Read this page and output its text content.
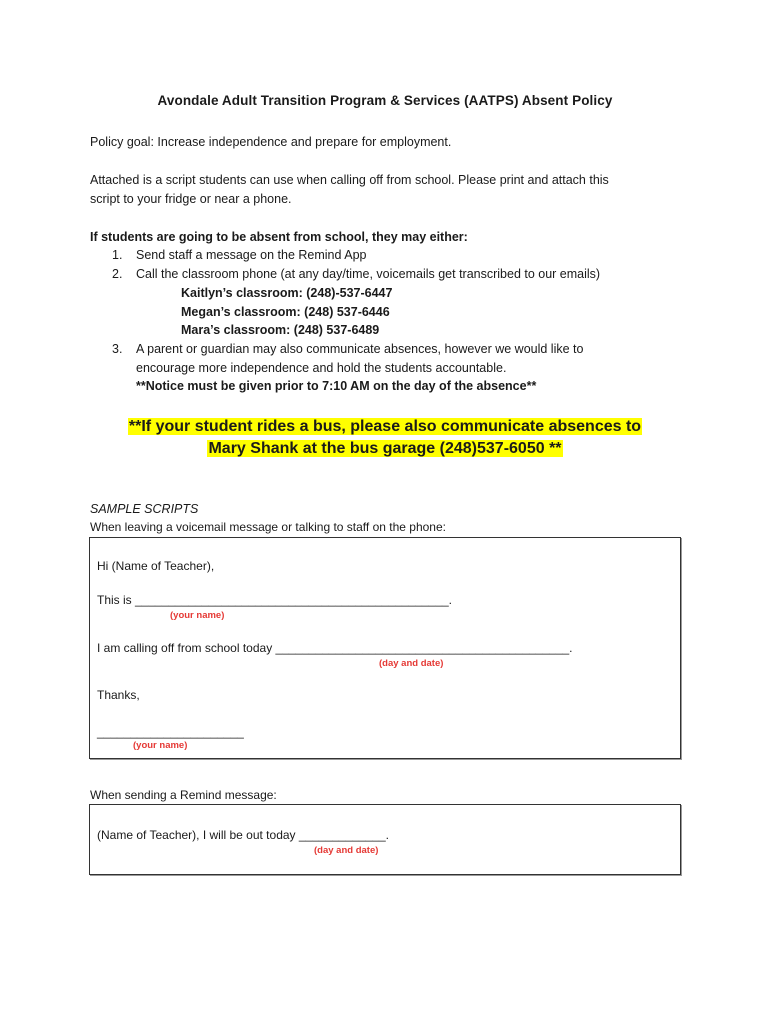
Avondale Adult Transition Program & Services (AATPS) Absent Policy
Policy goal: Increase independence and prepare for employment.
Attached is a script students can use when calling off from school. Please print and attach this
script to your fridge or near a phone.
If students are going to be absent from school, they may either:
1. Send staff a message on the Remind App
2. Call the classroom phone (at any day/time, voicemails get transcribed to our emails)
Kaitlyn’s classroom: (248)-537-6447
Megan’s classroom: (248) 537-6446
Mara’s classroom: (248) 537-6489
3. A parent or guardian may also communicate absences, however we would like to
encourage more independence and hold the students accountable.
**Notice must be given prior to 7:10 AM on the day of the absence**
**If your student rides a bus, please also communicate absences to
Mary Shank at the bus garage (248)537-6050 **
SAMPLE SCRIPTS
When leaving a voicemail message or talking to staff on the phone:
Hi (Name of Teacher),
This is _______________________________________________.
(your name)
I am calling off from school today ____________________________________________.
(day and date)
Thanks,
______________________
(your name)
When sending a Remind message:
(Name of Teacher), I will be out today _____________.
(day and date)
